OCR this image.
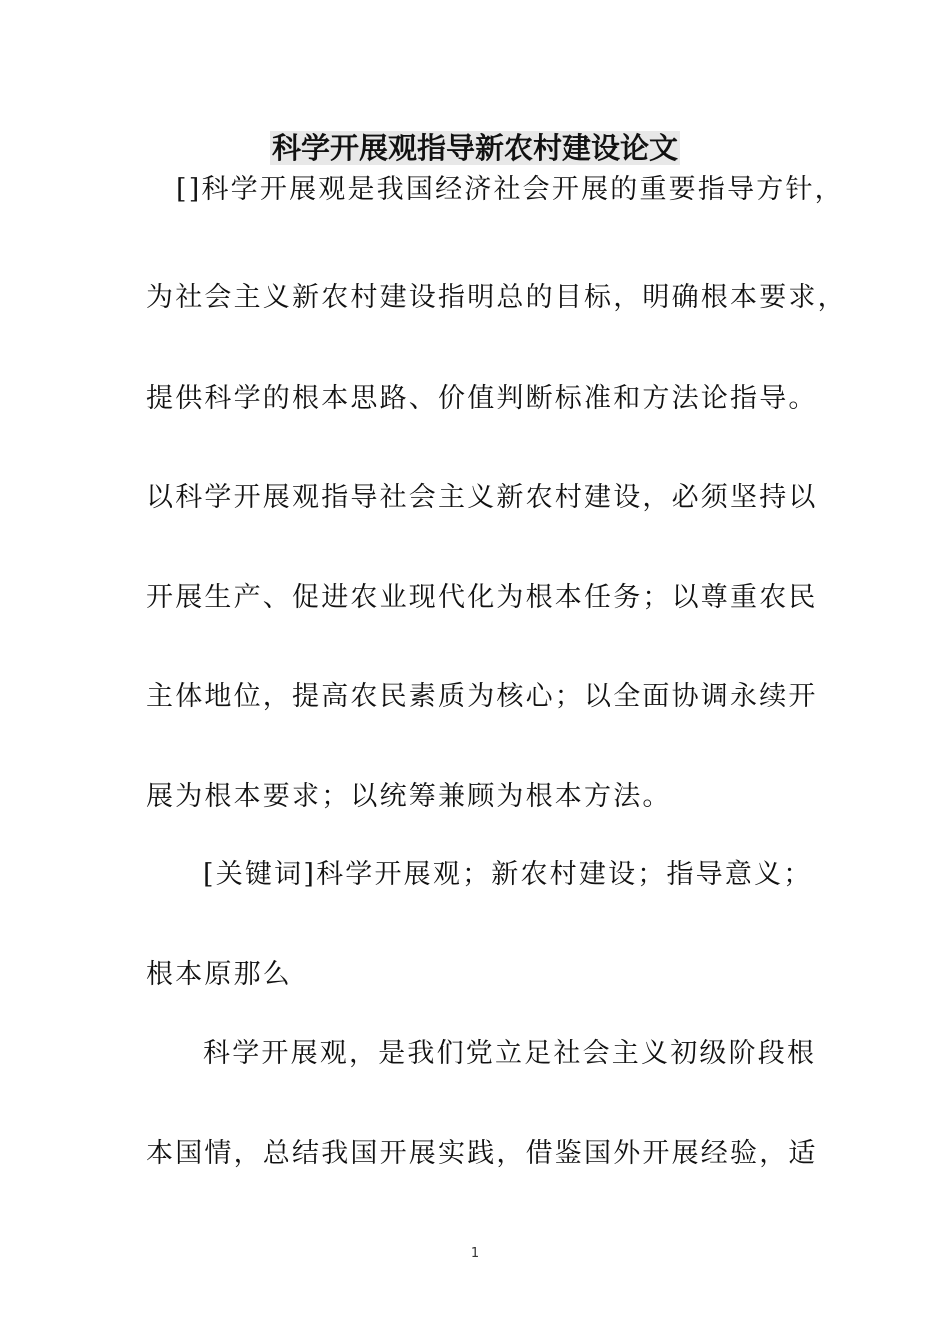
科学开展观指导新农村建设论文

[]科学开展观是我国经济社会开展的重要指导方针，

为社会主义新农村建设指明总的目标，明确根本要求，

提供科学的根本思路、价值判断标准和方法论指导。

以科学开展观指导社会主义新农村建设，必须坚持以

开展生产、促进农业现代化为根本任务；以尊重农民

主体地位，提高农民素质为核心；以全面协调永续开

展为根本要求；以统筹兼顾为根本方法。

[关键词]科学开展观；新农村建设；指导意义；

根本原那么

科学开展观，是我们党立足社会主义初级阶段根

本国情，总结我国开展实践，借鉴国外开展经验，适

1
